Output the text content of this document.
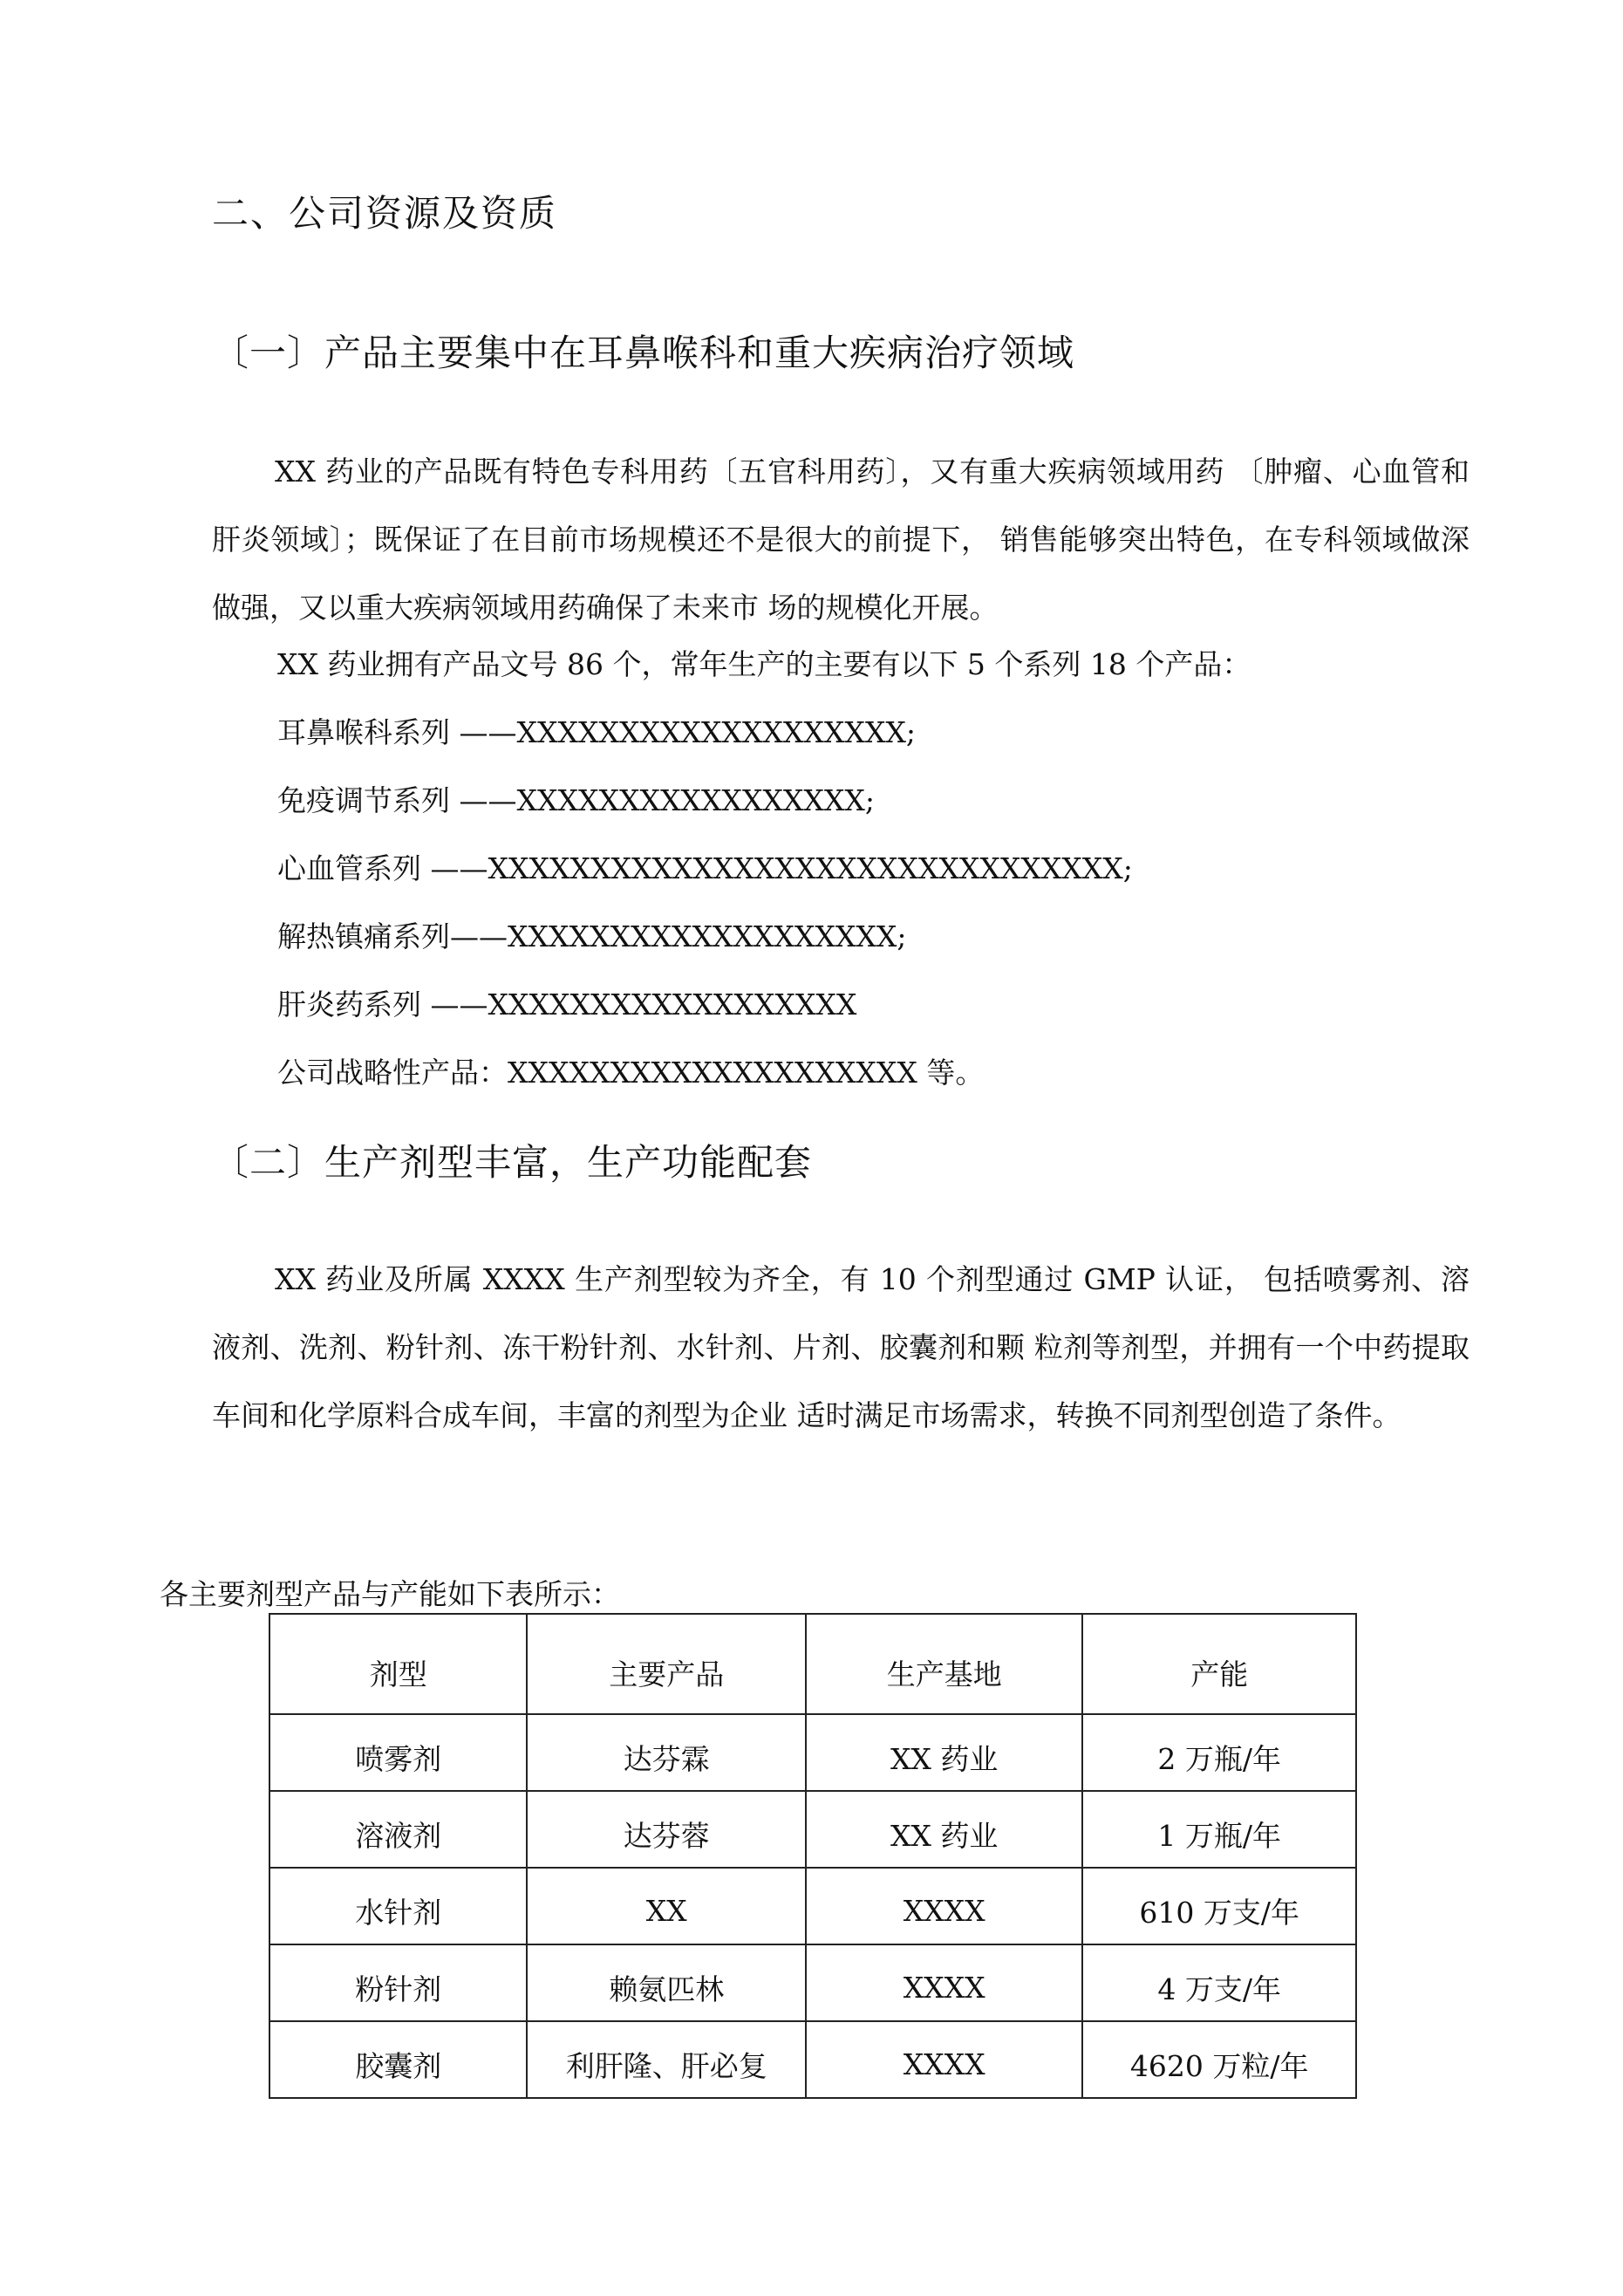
二、公司资源及资质
〔一〕产品主要集中在耳鼻喉科和重大疾病治疗领域

XX 药业的产品既有特色专科用药〔五官科用药〕，又有重大疾病领域用药 〔肿瘤、心血管和肝炎领域〕；既保证了在目前市场规模还不是很大的前提下， 销售能够突出特色，在专科领域做深做强，又以重大疾病领域用药确保了未来市 场的规模化开展。

XX 药业拥有产品文号 86 个，常年生产的主要有以下 5 个系列 18 个产品：

耳鼻喉科系列 ——XXXXXXXXXXXXXXXXXXX;

免疫调节系列 ——XXXXXXXXXXXXXXXXX;

心血管系列 ——XXXXXXXXXXXXXXXXXXXXXXXXXXXXXXX;

解热镇痛系列——XXXXXXXXXXXXXXXXXXX;

肝炎药系列 ——XXXXXXXXXXXXXXXXXX

公司战略性产品：XXXXXXXXXXXXXXXXXXXX 等。

〔二〕生产剂型丰富，生产功能配套

XX 药业及所属 XXXX 生产剂型较为齐全，有 10 个剂型通过 GMP 认证， 包括喷雾剂、溶液剂、洗剂、粉针剂、冻干粉针剂、水针剂、片剂、胶囊剂和颗 粒剂等剂型，并拥有一个中药提取车间和化学原料合成车间，丰富的剂型为企业 适时满足市场需求，转换不同剂型创造了条件。

各主要剂型产品与产能如下表所示：

剂型	主要产品	生产基地	产能
喷雾剂	达芬霖	XX 药业	2 万瓶/年
溶液剂	达芬蓉	XX 药业	1 万瓶/年
水针剂	XX	XXXX	610 万支/年
粉针剂	赖氨匹林	XXXX	4 万支/年
胶囊剂	利肝隆、肝必复	XXXX	4620 万粒/年
